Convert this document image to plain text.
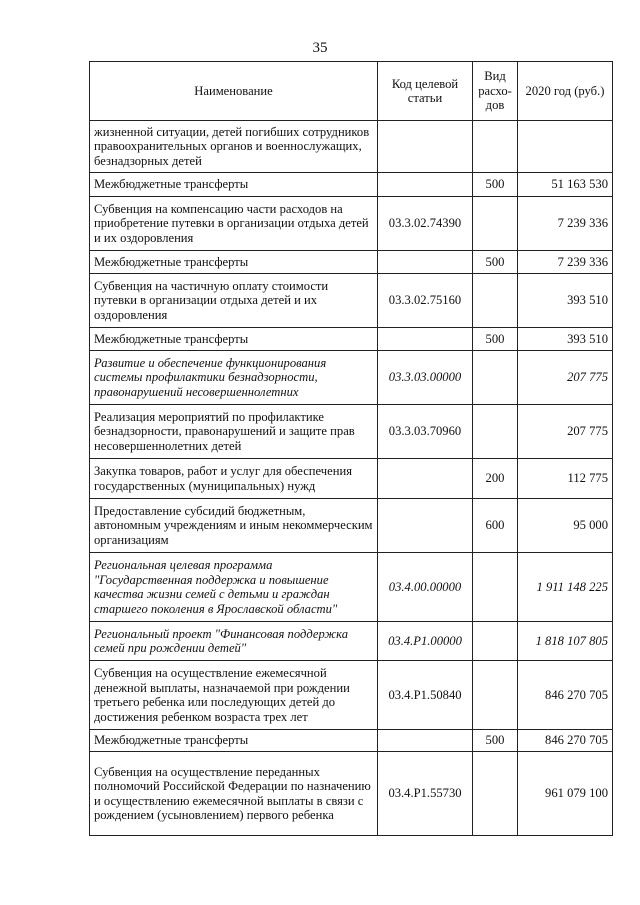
35
Наименование	Код целевой статьи	Вид расхо- дов	2020 год (руб.)
жизненной ситуации, детей погибших сотрудников правоохранительных органов и военнослужащих, безнадзорных детей			
Межбюджетные трансферты		500	51 163 530
Субвенция на компенсацию части расходов на приобретение путевки в организации отдыха детей и их оздоровления	03.3.02.74390		7 239 336
Межбюджетные трансферты		500	7 239 336
Субвенция на частичную оплату стоимости путевки в организации отдыха детей и их оздоровления	03.3.02.75160		393 510
Межбюджетные трансферты		500	393 510
Развитие и обеспечение функционирования системы профилактики безнадзорности, правонарушений несовершеннолетних	03.3.03.00000		207 775
Реализация мероприятий по профилактике безнадзорности, правонарушений и защите прав несовершеннолетних детей	03.3.03.70960		207 775
Закупка товаров, работ и услуг для обеспечения государственных (муниципальных) нужд		200	112 775
Предоставление субсидий бюджетным, автономным учреждениям и иным некоммерческим организациям		600	95 000
Региональная целевая программа "Государственная поддержка и повышение качества жизни семей с детьми и граждан старшего поколения в Ярославской области"	03.4.00.00000		1 911 148 225
Региональный проект "Финансовая поддержка семей при рождении детей"	03.4.P1.00000		1 818 107 805
Субвенция на осуществление ежемесячной денежной выплаты, назначаемой при рождении третьего ребенка или последующих детей до достижения ребенком возраста трех лет	03.4.P1.50840		846 270 705
Межбюджетные трансферты		500	846 270 705
Субвенция на осуществление переданных полномочий Российской Федерации по назначению и осуществлению ежемесячной выплаты в связи с рождением (усыновлением) первого ребенка	03.4.P1.55730		961 079 100
